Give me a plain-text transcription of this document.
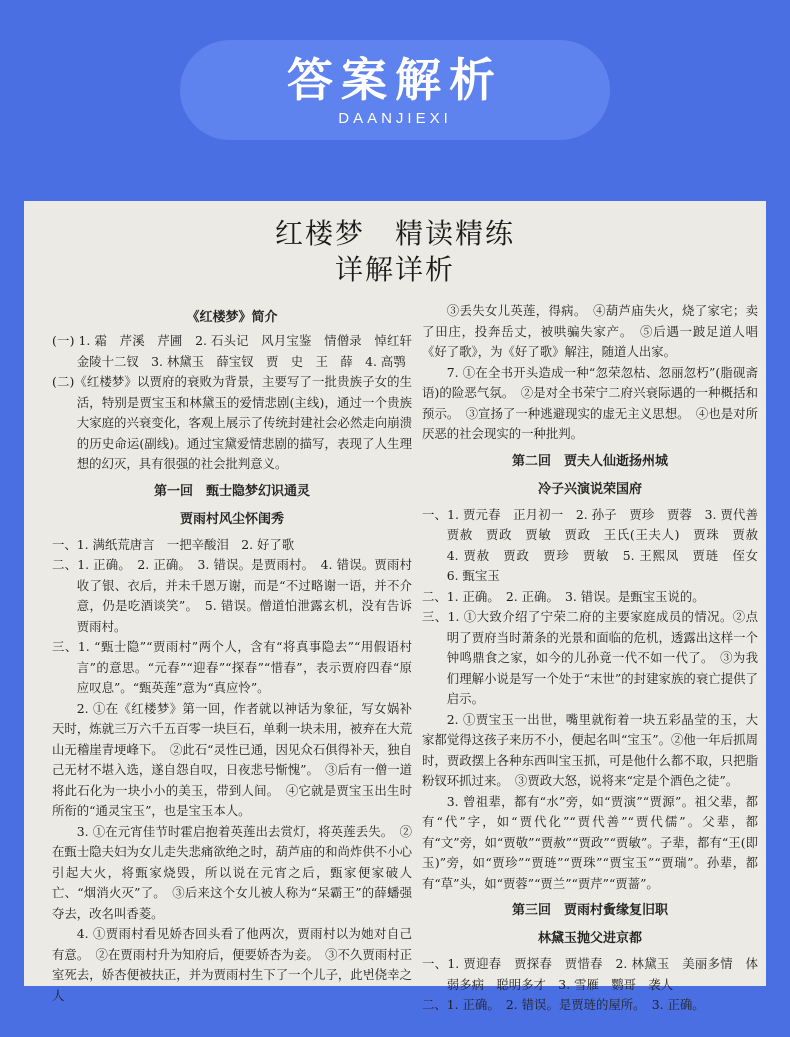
答案解析
DAANJIEXI
红楼梦　精读精练
详解详析
《红楼梦》简介
(一) 1. 霜　芹溪　芹圃　2. 石头记　风月宝鉴　情僧录　悼红轩　金陵十二钗　3. 林黛玉　薛宝钗　贾　史　王　薛　4. 高鹗
(二)《红楼梦》以贾府的衰败为背景，主要写了一批贵族子女的生活，特别是贾宝玉和林黛玉的爱情悲剧(主线)，通过一个贵族大家庭的兴衰变化，客观上展示了传统封建社会必然走向崩溃的历史命运(副线)。通过宝黛爱情悲剧的描写，表现了人生理想的幻灭，具有很强的社会批判意义。
第一回　甄士隐梦幻识通灵
贾雨村风尘怀闺秀
一、1. 满纸荒唐言　一把辛酸泪　2. 好了歌
二、1. 正确。　2. 正确。　3. 错误。是贾雨村。　4. 错误。贾雨村收了银、衣后，并未千恩万谢，而是“不过略谢一语，并不介意，仍是吃酒谈笑”。　5. 错误。僧道怕泄露玄机，没有告诉贾雨村。
三、1. “甄士隐”“贾雨村”两个人，含有“将真事隐去”“用假语村言”的意思。“元春”“迎春”“探春”“惜春”，表示贾府四春“原应叹息”。“甄英莲”意为“真应怜”。
2. ①在《红楼梦》第一回，作者就以神话为象征，写女娲补天时，炼就三万六千五百零一块巨石，单剩一块未用，被弃在大荒山无稽崖青埂峰下。　②此石“灵性已通，因见众石俱得补天，独自己无材不堪入选，遂自怨自叹，日夜悲号惭愧”。　③后有一僧一道将此石化为一块小小的美玉，带到人间。　④它就是贾宝玉出生时所衔的“通灵宝玉”，也是宝玉本人。
3. ①在元宵佳节时霍启抱着英莲出去赏灯，将英莲丢失。　②在甄士隐夫妇为女儿走失悲痛欲绝之时，葫芦庙的和尚炸供不小心引起大火，将甄家烧毁，所以说在元宵之后，甄家便家破人亡、“烟消火灭”了。　③后来这个女儿被人称为“呆霸王”的薛蟠强夺去，改名叫香菱。
4. ①贾雨村看见娇杏回头看了他两次，贾雨村以为她对自己有意。　②在贾雨村升为知府后，便要娇杏为妾。　③不久贾雨村正室死去，娇杏便被扶正，并为贾雨村生下了一个儿子，此번侥幸之人
③丢失女儿英莲，得病。　④葫芦庙失火，烧了家宅；卖了田庄，投奔岳丈，被哄骗失家产。　⑤后遇一跛足道人唱《好了歌》，为《好了歌》解注，随道人出家。
7. ①在全书开头造成一种“忽荣忽枯、忽丽忽朽”(脂砚斋语)的险恶气氛。　②是对全书荣宁二府兴衰际遇的一种概括和预示。　③宣扬了一种逃避现实的虚无主义思想。　④也是对所厌恶的社会现实的一种批判。
第二回　贾夫人仙逝扬州城
冷子兴演说荣国府
一、1. 贾元春　正月初一　2. 孙子　贾珍　贾蓉　3. 贾代善　贾赦　贾政　贾敏　贾政　王氏(王夫人)　贾珠　贾赦　4. 贾赦　贾政　贾珍　贾敏　5. 王熙凤　贾琏　侄女　6. 甄宝玉
二、1. 正确。　2. 正确。　3. 错误。是甄宝玉说的。
三、1. ①大致介绍了宁荣二府的主要家庭成员的情况。②点明了贾府当时萧条的光景和面临的危机，透露出这样一个钟鸣鼎食之家，如今的儿孙竟一代不如一代了。　③为我们理解小说是写一个处于“末世”的封建家族的衰亡提供了启示。
2. ①贾宝玉一出世，嘴里就衔着一块五彩晶莹的玉，大家都觉得这孩子来历不小，便起名叫“宝玉”。②他一年后抓周时，贾政摆上各种东西叫宝玉抓，可是他什么都不取，只把脂粉钗环抓过来。　③贾政大怒，说将来“定是个酒色之徒”。
3. 曾祖辈，都有“水”旁，如“贾演”“贾源”。祖父辈，都有“代”字，如“贾代化”“贾代善”“贾代儒”。父辈，都有“文”旁，如“贾敬”“贾赦”“贾政”“贾敏”。子辈，都有“王(即玉)”旁，如“贾珍”“贾琏”“贾珠”“贾宝玉”“贾瑞”。孙辈，都有“草”头，如“贾蓉”“贾兰”“贾芹”“贾蔷”。
第三回　贾雨村夤缘复旧职
林黛玉抛父进京都
一、1. 贾迎春　贾探春　贾惜春　2. 林黛玉　美丽多情　体弱多病　聪明多才　3. 雪雁　鹦哥　袭人
二、1. 正确。　2. 错误。是贾琏的屋所。　3. 正确。
